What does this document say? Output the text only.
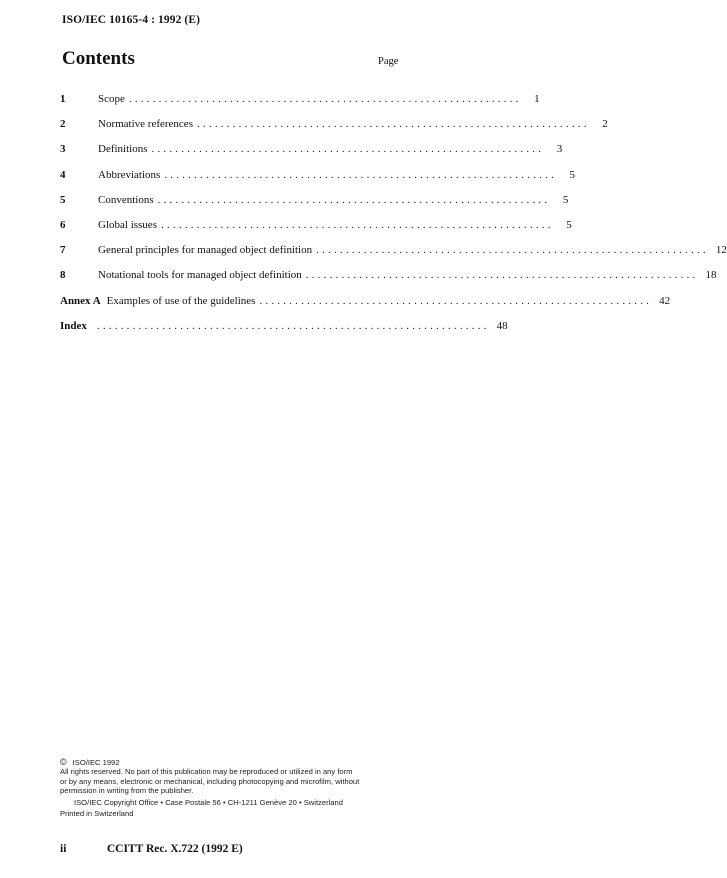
ISO/IEC 10165-4 : 1992 (E)
Contents	Page
1	Scope ..................................................................	1
2	Normative references ..................................................................	2
3	Definitions ..................................................................	3
4	Abbreviations ..................................................................	5
5	Conventions ..................................................................	5
6	Global issues ..................................................................	5
7	General principles for managed object definition .................................................................. 12
8	Notational tools for managed object definition .................................................................. 18
Annex A Examples of use of the guidelines .................................................................. 42
Index .................................................................. 48
© ISO/IEC 1992
All rights reserved. No part of this publication may be reproduced or utilized in any form
or by any means, electronic or mechanical, including photocopying and microfilm, without
permission in writing from the publisher.
ISO/IEC Copyright Office • Case Postale 56 • CH-1211 Genève 20 • Switzerland
Printed in Switzerland
ii	CCITT Rec. X.722 (1992 E)
